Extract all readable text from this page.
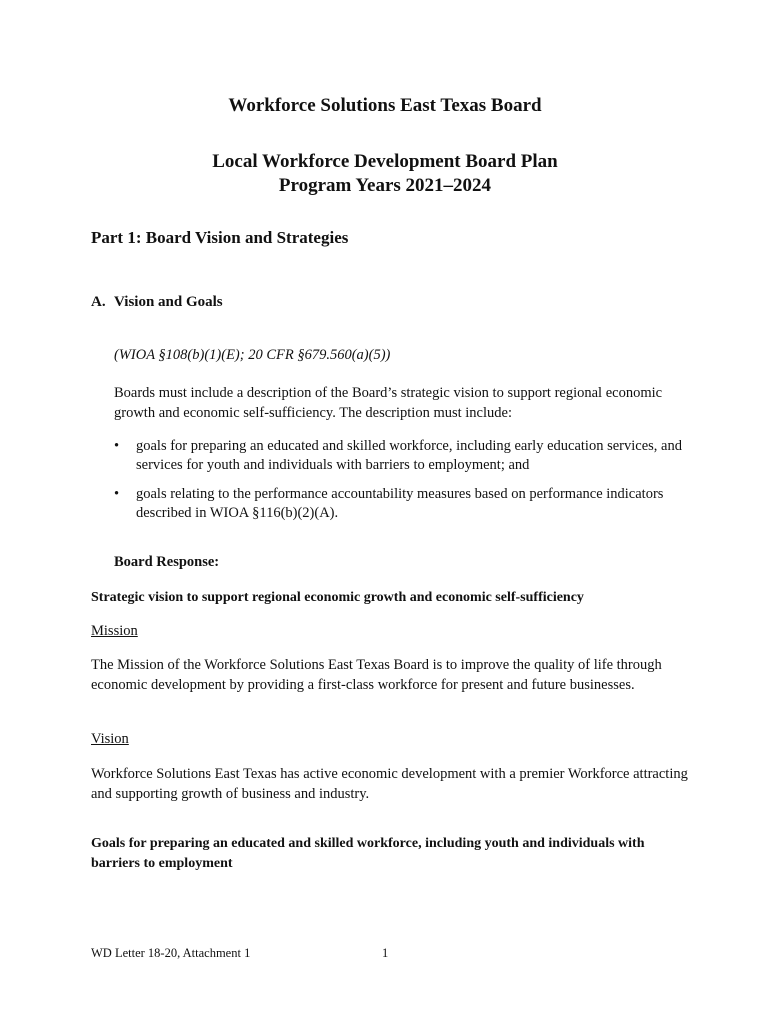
Workforce Solutions East Texas Board
Local Workforce Development Board Plan
Program Years 2021–2024
Part 1: Board Vision and Strategies
A. Vision and Goals

(WIOA §108(b)(1)(E); 20 CFR §679.560(a)(5))

Boards must include a description of the Board’s strategic vision to support regional economic growth and economic self-sufficiency. The description must include:

• goals for preparing an educated and skilled workforce, including early education services, and services for youth and individuals with barriers to employment; and
• goals relating to the performance accountability measures based on performance indicators described in WIOA §116(b)(2)(A).

Board Response:

Strategic vision to support regional economic growth and economic self-sufficiency

Mission

The Mission of the Workforce Solutions East Texas Board is to improve the quality of life through economic development by providing a first-class workforce for present and future businesses.

Vision

Workforce Solutions East Texas has active economic development with a premier Workforce attracting and supporting growth of business and industry.

Goals for preparing an educated and skilled workforce, including youth and individuals with barriers to employment

WD Letter 18-20, Attachment 1	1
